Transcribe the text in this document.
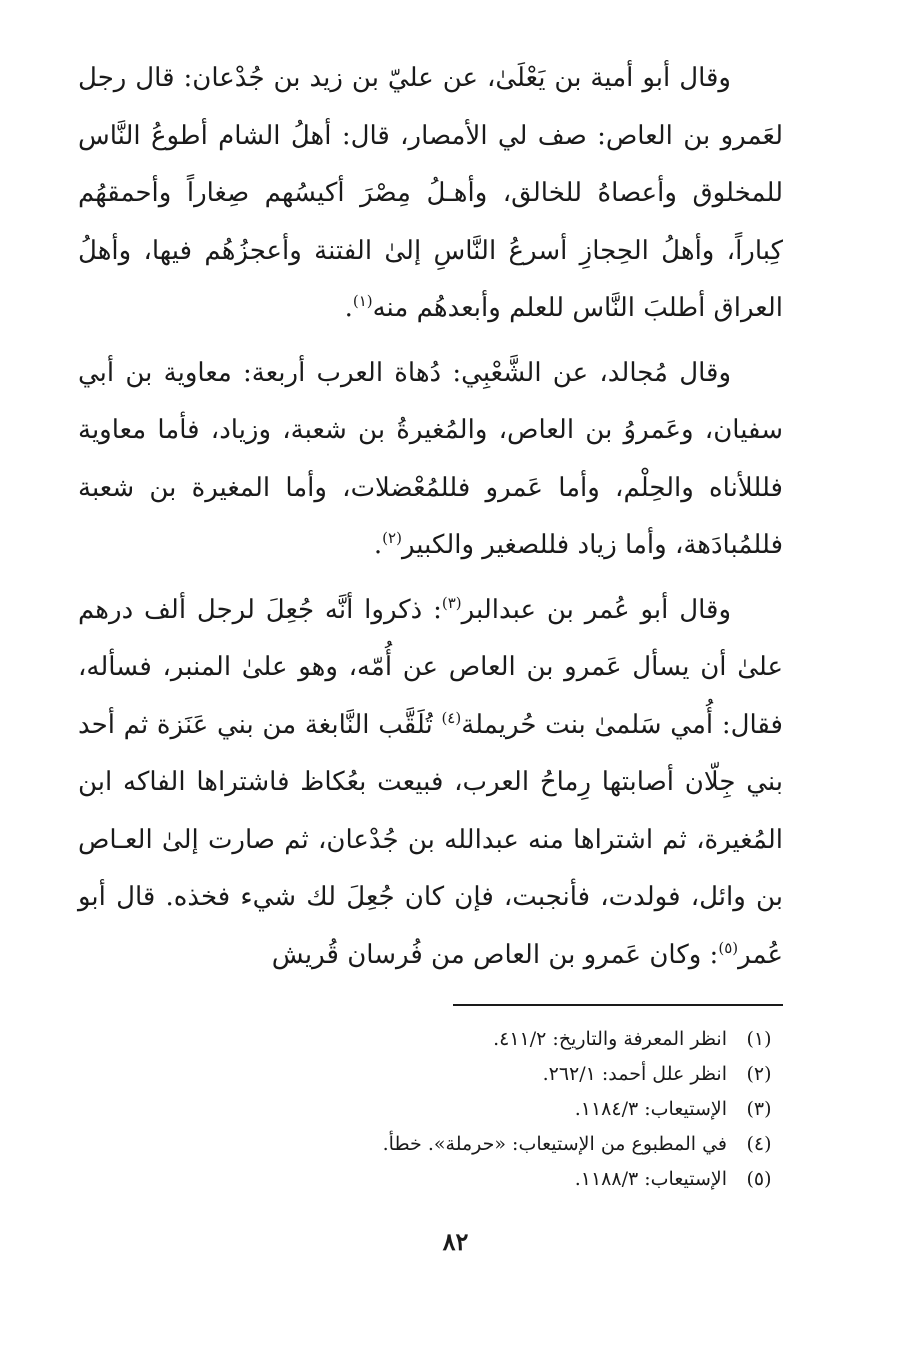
وقال أبو أمية بن يَعْلَىٰ، عن عليّ بن زيد بن جُدْعان: قال رجل لعَمرو بن العاص: صف لي الأمصار، قال: أهلُ الشام أطوعُ النَّاس للمخلوق وأعصاهُ للخالق، وأهـلُ مِصْرَ أكيسُهم صِغاراً وأحمقهُم كِباراً، وأهلُ الحِجازِ أسرعُ النَّاسِ إلىٰ الفتنة وأعجزُهُم فيها، وأهلُ العراق أطلبَ النَّاس للعلم وأبعدهُم منه$^{(١)}$.

وقال مُجالد، عن الشَّعْبِي: دُهاة العرب أربعة: معاوية بن أبي سفيان، وعَمروُ بن العاص، والمُغيرةُ بن شعبة، وزياد، فأما معاوية فلللأناه والحِلْم، وأما عَمرو فللمُعْضلات، وأما المغيرة بن شعبة فللمُبادَهة، وأما زياد فللصغير والكبير$^{(٢)}$.

وقال أبو عُمر بن عبدالبر$^{(٣)}$: ذكروا أنَّه جُعِلَ لرجل ألف درهم علىٰ أن يسأل عَمرو بن العاص عن أُمّه، وهو علىٰ المنبر، فسأله، فقال: أُمي سَلمىٰ بنت حُريملة$^{(٤)}$ تُلَقَّب النَّابغة من بني عَنَزة ثم أحد بني جِلّان أصابتها رِماحُ العرب، فبيعت بعُكاظ فاشتراها الفاكه ابن المُغيرة، ثم اشتراها منه عبدالله بن جُدْعان، ثم صارت إلىٰ العـاص بن وائل، فولدت، فأنجبت، فإن كان جُعِلَ لك شيء فخذه. قال أبو عُمر$^{(٥)}$: وكان عَمرو بن العاص من فُرسان قُريش

(١)
انظر المعرفة والتاريخ: ٤١١/٢.
(٢)
انظر علل أحمد: ٢٦٢/١.
(٣)
الإستيعاب: ١١٨٤/٣.
(٤)
في المطبوع من الإستيعاب: «حرملة». خطأ.
(٥)
الإستيعاب: ١١٨٨/٣.
٨٢
